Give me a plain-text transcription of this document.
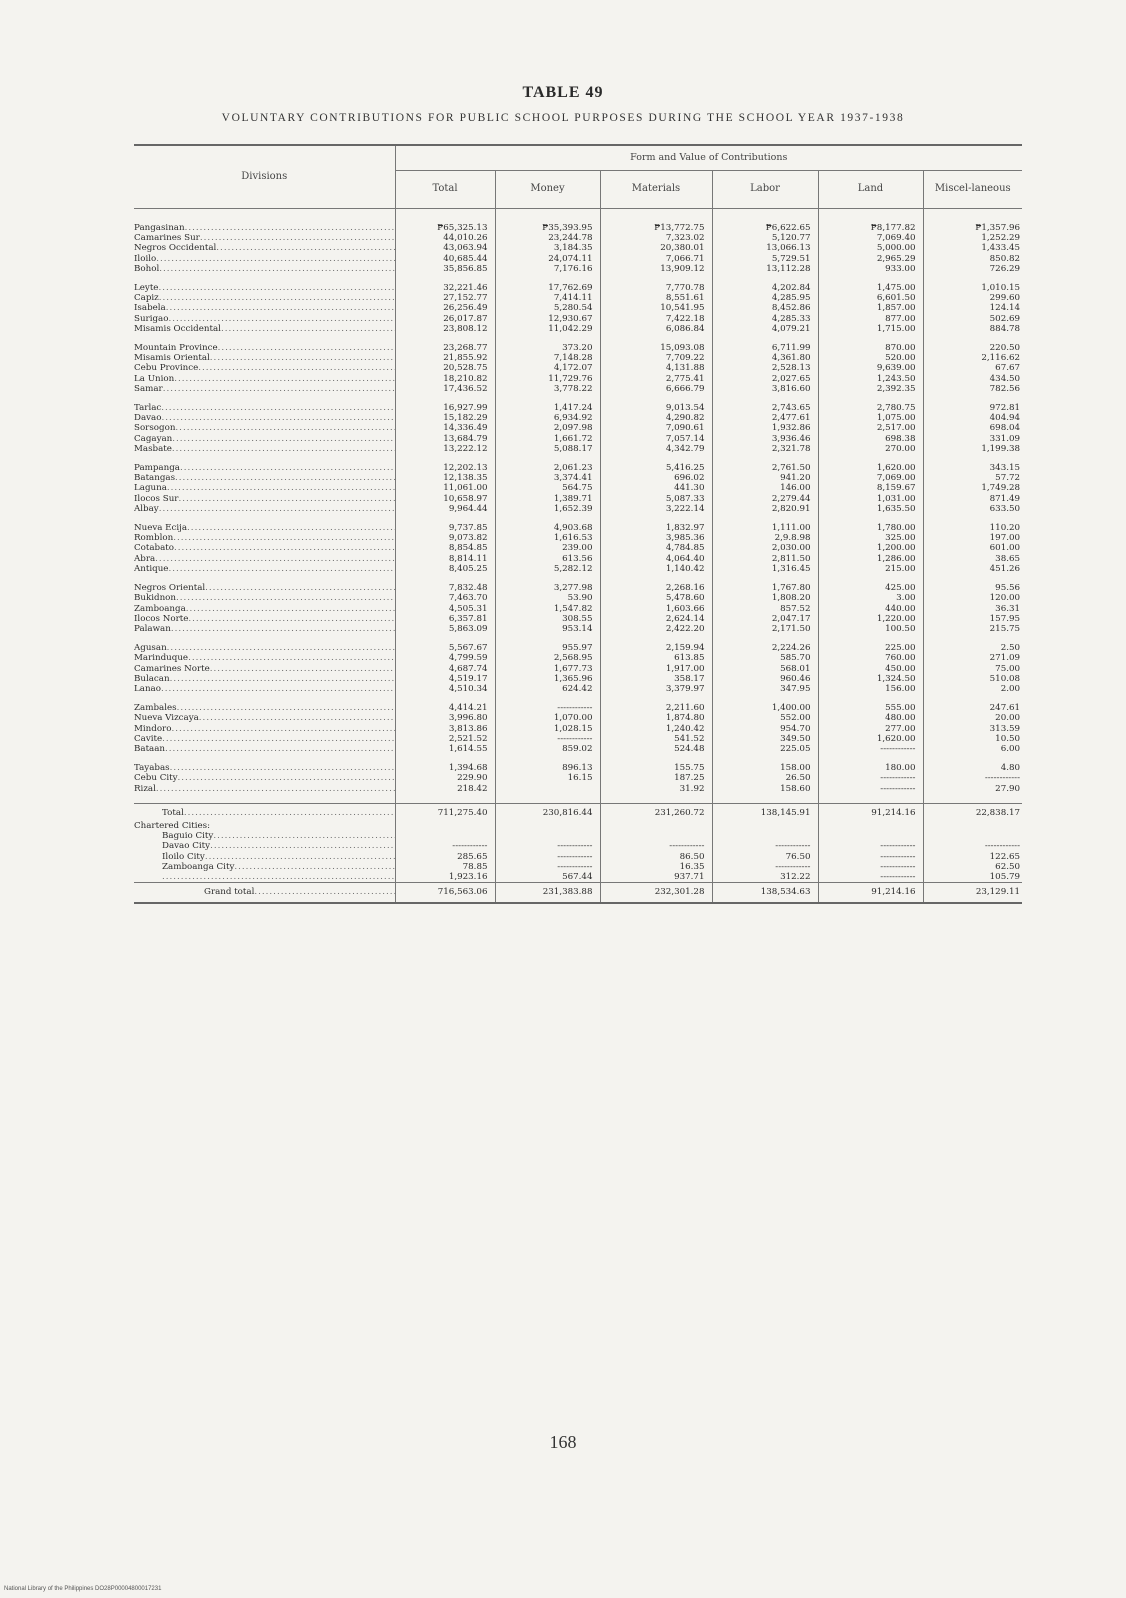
TABLE 49
VOLUNTARY CONTRIBUTIONS FOR PUBLIC SCHOOL PURPOSES DURING THE SCHOOL YEAR 1937-1938
Divisions	Form and Value of Contributions					
	Total	Money	Materials	Labor	Land	Miscel-laneous
Pangasinan .....	₱65,325.13	₱35,393.95	₱13,772.75	₱6,622.65	₱8,177.82	₱1,357.96
Camarines Sur .....	44,010.26	23,244.78	7,323.02	5,120.77	7,069.40	1,252.29
Negros Occidental .....	43,063.94	3,184.35	20,380.01	13,066.13	5,000.00	1,433.45
Iloilo .....	40,685.44	24,074.11	7,066.71	5,729.51	2,965.29	850.82
Bohol .....	35,856.85	7,176.16	13,909.12	13,112.28	933.00	726.29

Leyte .....	32,221.46	17,762.69	7,770.78	4,202.84	1,475.00	1,010.15
Capiz .....	27,152.77	7,414.11	8,551.61	4,285.95	6,601.50	299.60
Isabela .....	26,256.49	5,280.54	10,541.95	8,452.86	1,857.00	124.14
Surigao .....	26,017.87	12,930.67	7,422.18	4,285.33	877.00	502.69
Misamis Occidental .....	23,808.12	11,042.29	6,086.84	4,079.21	1,715.00	884.78

Mountain Province .....	23,268.77	373.20	15,093.08	6,711.99	870.00	220.50
Misamis Oriental .....	21,855.92	7,148.28	7,709.22	4,361.80	520.00	2,116.62
Cebu Province .....	20,528.75	4,172.07	4,131.88	2,528.13	9,639.00	67.67
La Union .....	18,210.82	11,729.76	2,775.41	2,027.65	1,243.50	434.50
Samar .....	17,436.52	3,778.22	6,666.79	3,816.60	2,392.35	782.56

Tarlac .....	16,927.99	1,417.24	9,013.54	2,743.65	2,780.75	972.81
Davao .....	15,182.29	6,934.92	4,290.82	2,477.61	1,075.00	404.94
Sorsogon .....	14,336.49	2,097.98	7,090.61	1,932.86	2,517.00	698.04
Cagayan .....	13,684.79	1,661.72	7,057.14	3,936.46	698.38	331.09
Masbate .....	13,222.12	5,088.17	4,342.79	2,321.78	270.00	1,199.38

Pampanga .....	12,202.13	2,061.23	5,416.25	2,761.50	1,620.00	343.15
Batangas .....	12,138.35	3,374.41	696.02	941.20	7,069.00	57.72
Laguna .....	11,061.00	564.75	441.30	146.00	8,159.67	1,749.28
Ilocos Sur .....	10,658.97	1,389.71	5,087.33	2,279.44	1,031.00	871.49
Albay .....	9,964.44	1,652.39	3,222.14	2,820.91	1,635.50	633.50

Nueva Ecija .....	9,737.85	4,903.68	1,832.97	1,111.00	1,780.00	110.20
Romblon .....	9,073.82	1,616.53	3,985.36	2,9.8.98	325.00	197.00
Cotabato .....	8,854.85	239.00	4,784.85	2,030.00	1,200.00	601.00
Abra .....	8,814.11	613.56	4,064.40	2,811.50	1,286.00	38.65
Antique .....	8,405.25	5,282.12	1,140.42	1,316.45	215.00	451.26

Negros Oriental .....	7,832.48	3,277.98	2,268.16	1,767.80	425.00	95.56
Bukidnon .....	7,463.70	53.90	5,478.60	1,808.20	3.00	120.00
Zamboanga .....	4,505.31	1,547.82	1,603.66	857.52	440.00	36.31
Ilocos Norte .....	6,357.81	308.55	2,624.14	2,047.17	1,220.00	157.95
Palawan .....	5,863.09	953.14	2,422.20	2,171.50	100.50	215.75

Agusan .....	5,567.67	955.97	2,159.94	2,224.26	225.00	2.50
Marinduque .....	4,799.59	2,568.95	613.85	585.70	760.00	271.09
Camarines Norte .....	4,687.74	1,677.73	1,917.00	568.01	450.00	75.00
Bulacan .....	4,519.17	1,365.96	358.17	960.46	1,324.50	510.08
Lanao .....	4,510.34	624.42	3,379.97	347.95	156.00	2.00

Zambales .....	4,414.21	------------	2,211.60	1,400.00	555.00	247.61
Nueva Vizcaya .....	3,996.80	1,070.00	1,874.80	552.00	480.00	20.00
Mindoro .....	3,813.86	1,028.15	1,240.42	954.70	277.00	313.59
Cavite .....	2,521.52	------------	541.52	349.50	1,620.00	10.50
Bataan .....	1,614.55	859.02	524.48	225.05	------------	6.00

Tayabas .....	1,394.68	896.13	155.75	158.00	180.00	4.80
Cebu City .....	229.90	16.15	187.25	26.50	------------	------------
Rizal .....	218.42		31.92	158.60	------------	27.90

Total .....	711,275.40	230,816.44	231,260.72	138,145.91	91,214.16	22,838.17
Chartered Cities:						
Baguio City .....						
Davao City .....	------------	------------	------------	------------	------------	------------
Iloilo City .....	285.65	------------	86.50	76.50	------------	122.65
Zamboanga City .....	78.85	------------	16.35	------------	------------	62.50
.....	1,923.16	567.44	937.71	312.22	------------	105.79
Grand total .....	716,563.06	231,383.88	232,301.28	138,534.63	91,214.16	23,129.11
168
National Library of the Philippines DO28P00004800017231
